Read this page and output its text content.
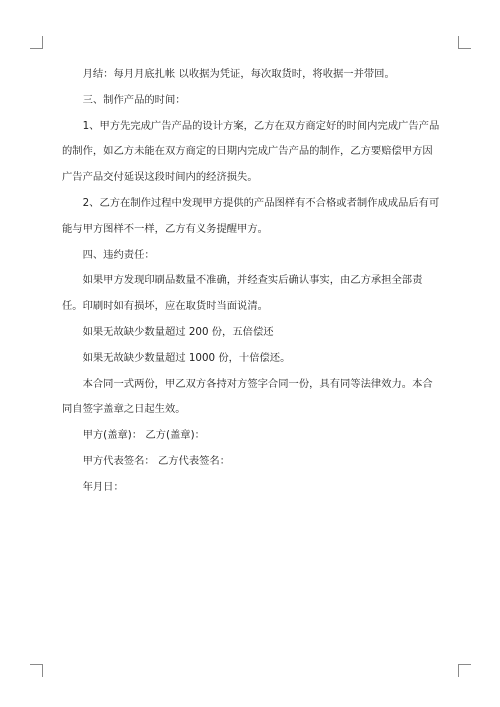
月结：每月月底扎帐 以收据为凭证，每次取货时，将收据一并带回。

三、制作产品的时间：

1、甲方先完成广告产品的设计方案，乙方在双方商定好的时间内完成广告产品的制作，如乙方未能在双方商定的日期内完成广告产品的制作，乙方要赔偿甲方因广告产品交付延误这段时间内的经济损失。

2、乙方在制作过程中发现甲方提供的产品图样有不合格或者制作成成品后有可能与甲方图样不一样，乙方有义务提醒甲方。

四、违约责任：

如果甲方发现印刷品数量不准确，并经查实后确认事实，由乙方承担全部责任。印刷时如有损坏，应在取货时当面说清。

如果无故缺少数量超过 200 份，五倍偿还

如果无故缺少数量超过 1000 份，十倍偿还。

本合同一式两份，甲乙双方各持对方签字合同一份，具有同等法律效力。本合同自签字盖章之日起生效。

甲方(盖章)： 乙方(盖章)：

甲方代表签名： 乙方代表签名：

年月日：
